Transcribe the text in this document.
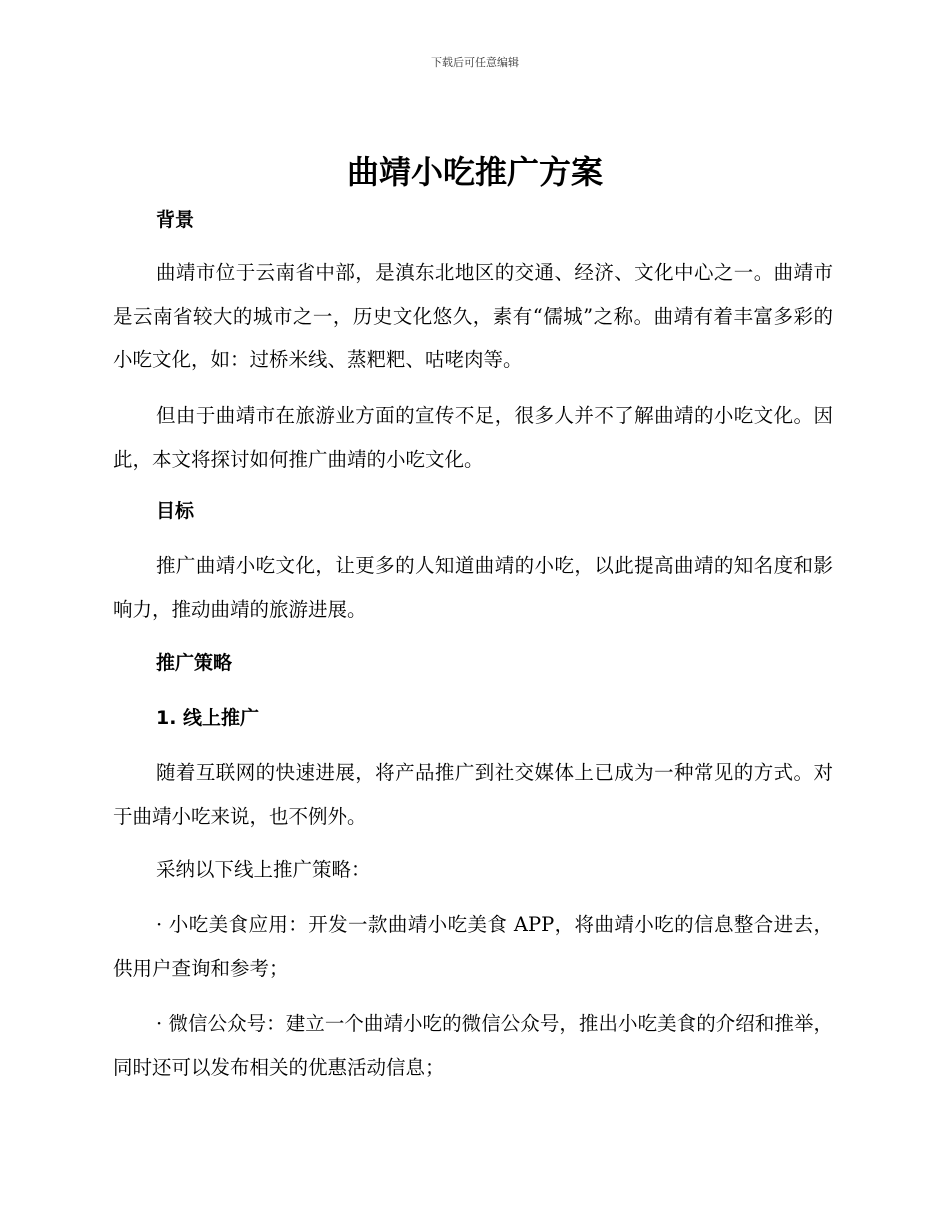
下载后可任意编辑
曲靖小吃推广方案
背景

曲靖市位于云南省中部，是滇东北地区的交通、经济、文化中心之一。曲靖市是云南省较大的城市之一，历史文化悠久，素有“儒城”之称。曲靖有着丰富多彩的小吃文化，如：过桥米线、蒸粑粑、咕咾肉等。

但由于曲靖市在旅游业方面的宣传不足，很多人并不了解曲靖的小吃文化。因此，本文将探讨如何推广曲靖的小吃文化。

目标

推广曲靖小吃文化，让更多的人知道曲靖的小吃，以此提高曲靖的知名度和影响力，推动曲靖的旅游进展。

推广策略
1. 线上推广

随着互联网的快速进展，将产品推广到社交媒体上已成为一种常见的方式。对于曲靖小吃来说，也不例外。

采纳以下线上推广策略：

· 小吃美食应用：开发一款曲靖小吃美食 APP，将曲靖小吃的信息整合进去，供用户查询和参考；

· 微信公众号：建立一个曲靖小吃的微信公众号，推出小吃美食的介绍和推举，同时还可以发布相关的优惠活动信息；
